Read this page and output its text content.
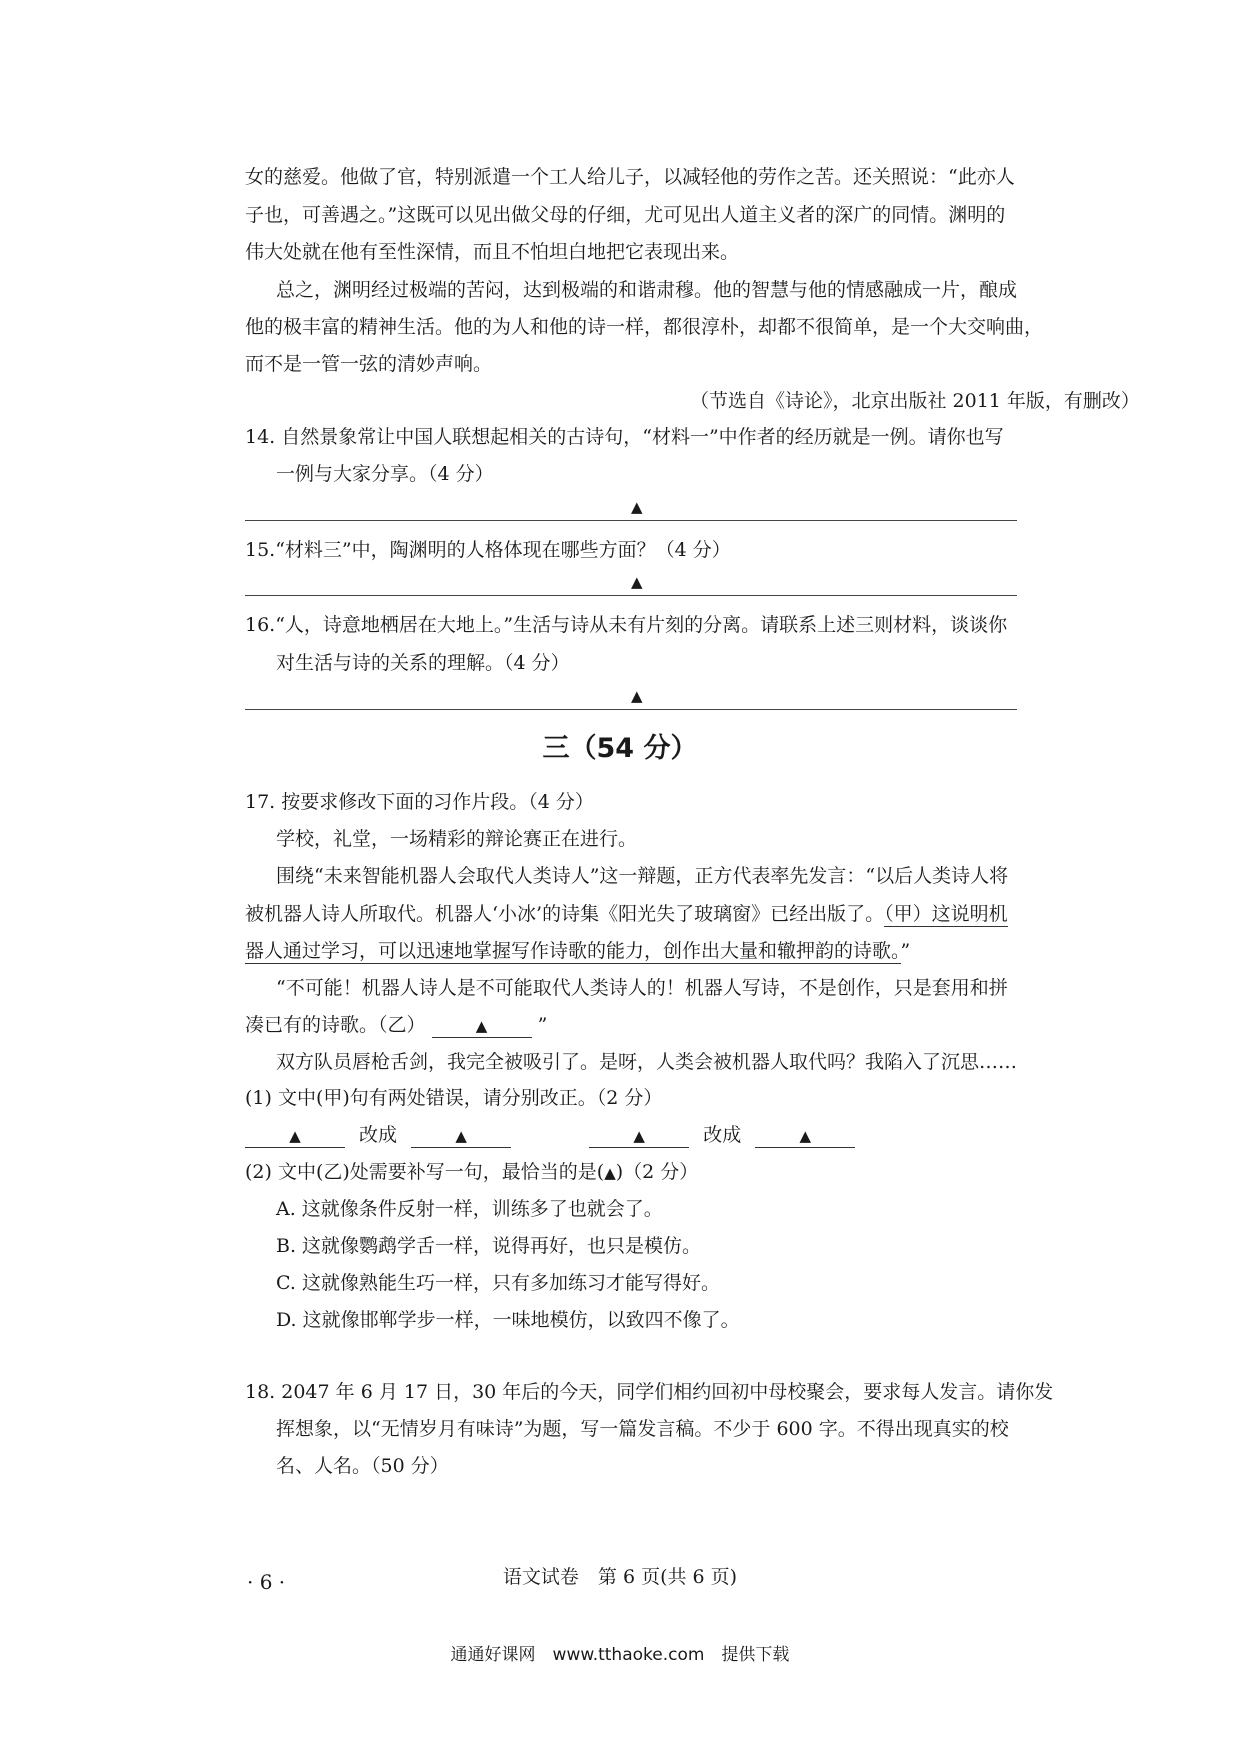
女的慈爱。他做了官，特别派遣一个工人给儿子，以减轻他的劳作之苦。还关照说：“此亦人
子也，可善遇之。”这既可以见出做父母的仔细，尤可见出人道主义者的深广的同情。渊明的
伟大处就在他有至性深情，而且不怕坦白地把它表现出来。
总之，渊明经过极端的苦闷，达到极端的和谐肃穆。他的智慧与他的情感融成一片，酿成
他的极丰富的精神生活。他的为人和他的诗一样，都很淳朴，却都不很简单，是一个大交响曲，
而不是一管一弦的清妙声响。
（节选自《诗论》，北京出版社 2011 年版，有删改）
14. 自然景象常让中国人联想起相关的古诗句，“材料一”中作者的经历就是一例。请你也写
一例与大家分享。（4 分）
▲
15.“材料三”中，陶渊明的人格体现在哪些方面？（4 分）
▲
16.“人，诗意地栖居在大地上。”生活与诗从未有片刻的分离。请联系上述三则材料，谈谈你
对生活与诗的关系的理解。（4 分）
▲
三（54 分）
17. 按要求修改下面的习作片段。（4 分）
学校，礼堂，一场精彩的辩论赛正在进行。
围绕“未来智能机器人会取代人类诗人”这一辩题，正方代表率先发言：“以后人类诗人将
被机器人诗人所取代。机器人‘小冰’的诗集《阳光失了玻璃窗》已经出版了。（甲）这说明机
器人通过学习，可以迅速地掌握写作诗歌的能力，创作出大量和辙押韵的诗歌。”
“不可能！机器人诗人是不可能取代人类诗人的！机器人写诗，不是创作，只是套用和拼
凑已有的诗歌。（乙）	▲	”
双方队员唇枪舌剑，我完全被吸引了。是呀，人类会被机器人取代吗？我陷入了沉思……
(1) 文中(甲)句有两处错误，请分别改正。（2 分）
▲	改成	▲	▲	改成	▲
(2) 文中(乙)处需要补写一句，最恰当的是(▲)（2 分）
A. 这就像条件反射一样，训练多了也就会了。
B. 这就像鹦鹉学舌一样，说得再好，也只是模仿。
C. 这就像熟能生巧一样，只有多加练习才能写得好。
D. 这就像邯郸学步一样，一味地模仿，以致四不像了。
18. 2047 年 6 月 17 日，30 年后的今天，同学们相约回初中母校聚会，要求每人发言。请你发
挥想象，以“无情岁月有味诗”为题，写一篇发言稿。不少于 600 字。不得出现真实的校
名、人名。（50 分）
· 6 ·	语文试卷　第 6 页(共 6 页)
通通好课网　www.tthaoke.com　提供下载
